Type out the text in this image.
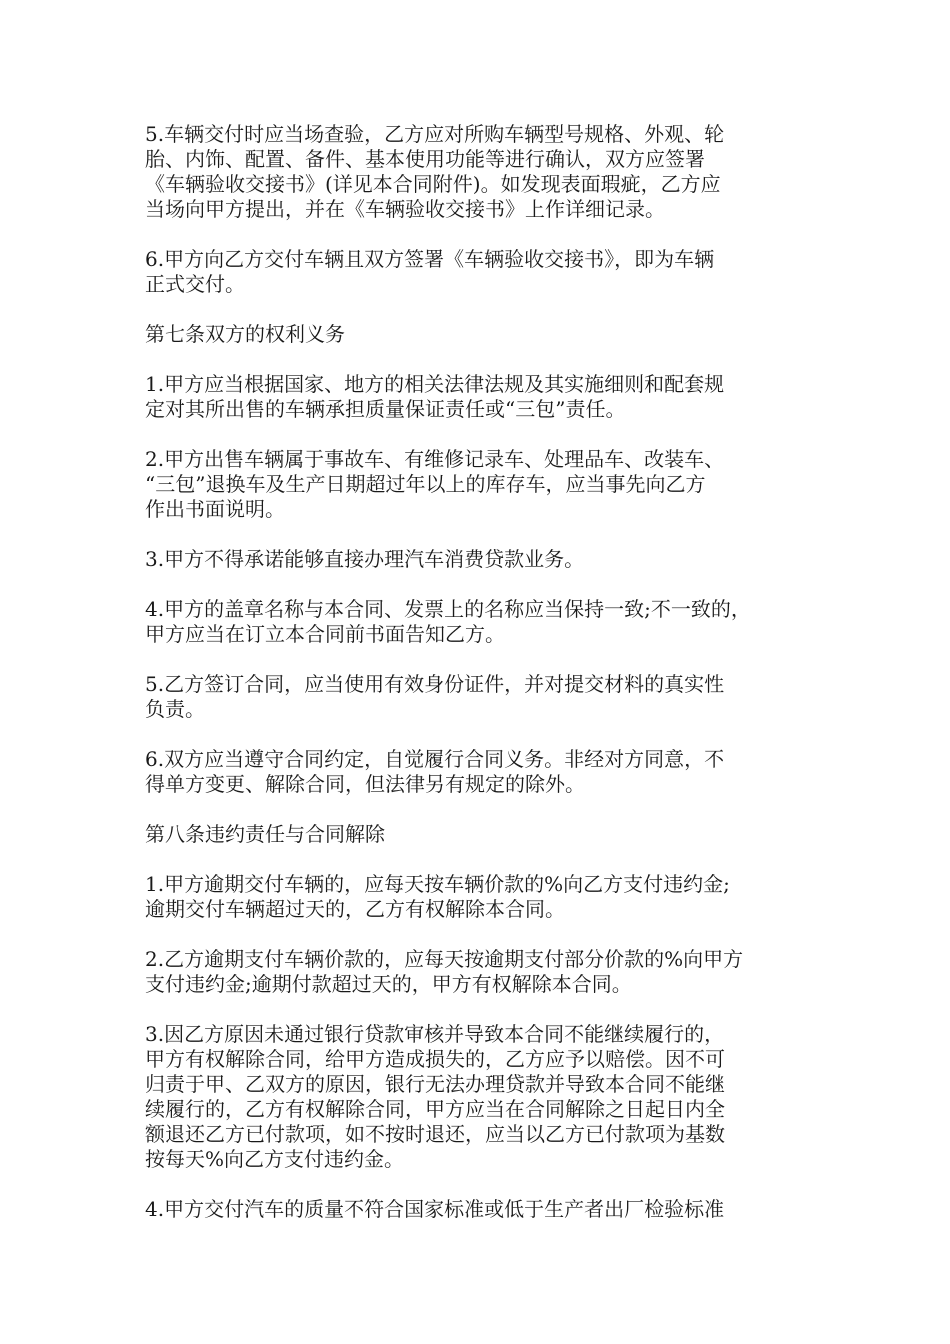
5.车辆交付时应当场查验，乙方应对所购车辆型号规格、外观、轮
胎、内饰、配置、备件、基本使用功能等进行确认，双方应签署
《车辆验收交接书》(详见本合同附件)。如发现表面瑕疵，乙方应
当场向甲方提出，并在《车辆验收交接书》上作详细记录。
6.甲方向乙方交付车辆且双方签署《车辆验收交接书》，即为车辆
正式交付。
第七条双方的权利义务
1.甲方应当根据国家、地方的相关法律法规及其实施细则和配套规
定对其所出售的车辆承担质量保证责任或“三包”责任。
2.甲方出售车辆属于事故车、有维修记录车、处理品车、改装车、
“三包”退换车及生产日期超过年以上的库存车，应当事先向乙方
作出书面说明。
3.甲方不得承诺能够直接办理汽车消费贷款业务。
4.甲方的盖章名称与本合同、发票上的名称应当保持一致;不一致的，
甲方应当在订立本合同前书面告知乙方。
5.乙方签订合同，应当使用有效身份证件，并对提交材料的真实性
负责。
6.双方应当遵守合同约定，自觉履行合同义务。非经对方同意，不
得单方变更、解除合同，但法律另有规定的除外。
第八条违约责任与合同解除
1.甲方逾期交付车辆的，应每天按车辆价款的%向乙方支付违约金;
逾期交付车辆超过天的，乙方有权解除本合同。
2.乙方逾期支付车辆价款的，应每天按逾期支付部分价款的%向甲方
支付违约金;逾期付款超过天的，甲方有权解除本合同。
3.因乙方原因未通过银行贷款审核并导致本合同不能继续履行的，
甲方有权解除合同，给甲方造成损失的，乙方应予以赔偿。因不可
归责于甲、乙双方的原因，银行无法办理贷款并导致本合同不能继
续履行的，乙方有权解除合同，甲方应当在合同解除之日起日内全
额退还乙方已付款项，如不按时退还，应当以乙方已付款项为基数
按每天%向乙方支付违约金。
4.甲方交付汽车的质量不符合国家标准或低于生产者出厂检验标准
